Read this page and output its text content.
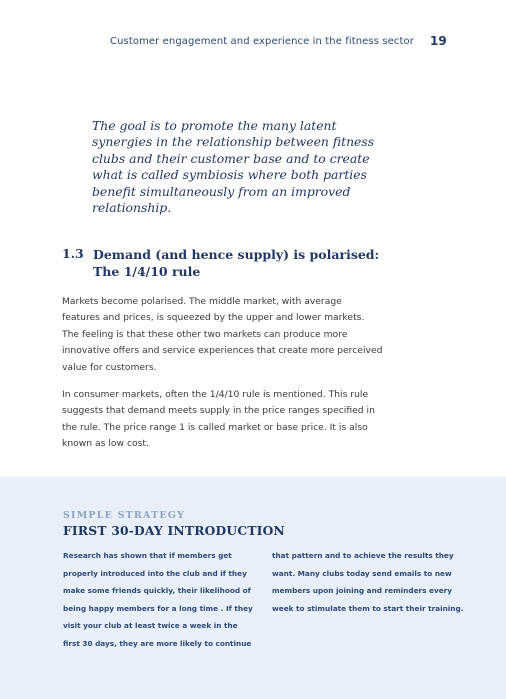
Customer engagement and experience in the fitness sector 19
The goal is to promote the many latent
synergies in the relationship between fitness
clubs and their customer base and to create
what is called symbiosis where both parties
benefit simultaneously from an improved
relationship.
1.3 Demand (and hence supply) is polarised:
The 1/4/10 rule
Markets become polarised. The middle market, with average
features and prices, is squeezed by the upper and lower markets.
The feeling is that these other two markets can produce more
innovative offers and service experiences that create more perceived
value for customers.
In consumer markets, often the 1/4/10 rule is mentioned. This rule
suggests that demand meets supply in the price ranges specified in
the rule. The price range 1 is called market or base price. It is also
known as low cost.
SIMPLE STRATEGY
FIRST 30-DAY INTRODUCTION
Research has shown that if members get
properly introduced into the club and if they
make some friends quickly, their likelihood of
being happy members for a long time . If they
visit your club at least twice a week in the
first 30 days, they are more likely to continue
that pattern and to achieve the results they
want. Many clubs today send emails to new
members upon joining and reminders every
week to stimulate them to start their training.
